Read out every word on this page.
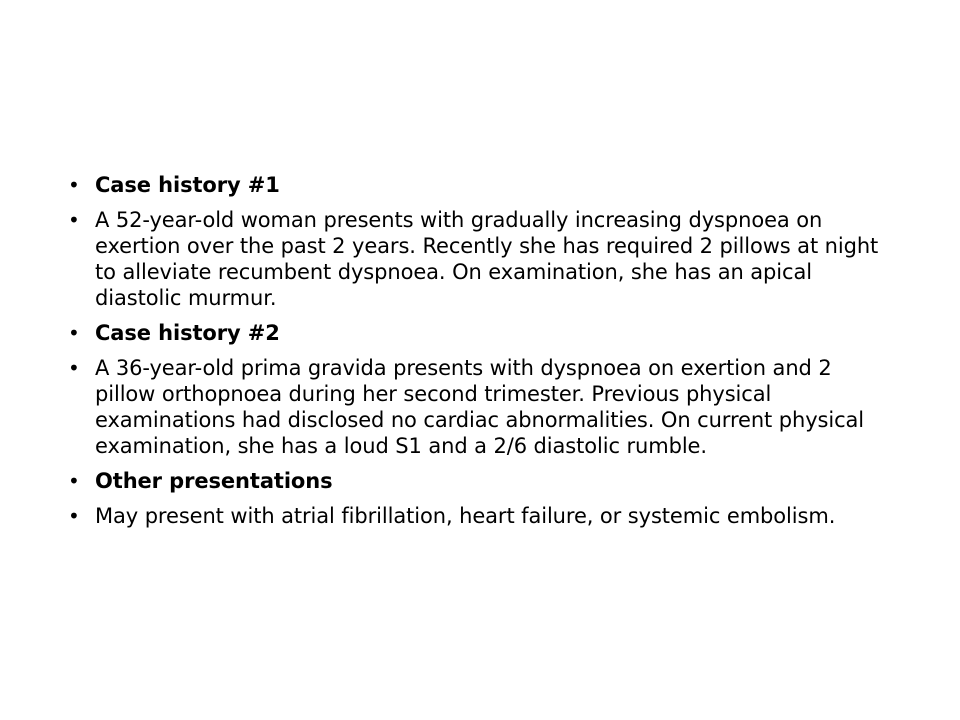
• Case history #1
• A 52-year-old woman presents with gradually increasing dyspnoea on exertion over the past 2 years. Recently she has required 2 pillows at night to alleviate recumbent dyspnoea. On examination, she has an apical diastolic murmur.
• Case history #2
• A 36-year-old prima gravida presents with dyspnoea on exertion and 2 pillow orthopnoea during her second trimester. Previous physical examinations had disclosed no cardiac abnormalities. On current physical examination, she has a loud S1 and a 2/6 diastolic rumble.
• Other presentations
• May present with atrial fibrillation, heart failure, or systemic embolism.
